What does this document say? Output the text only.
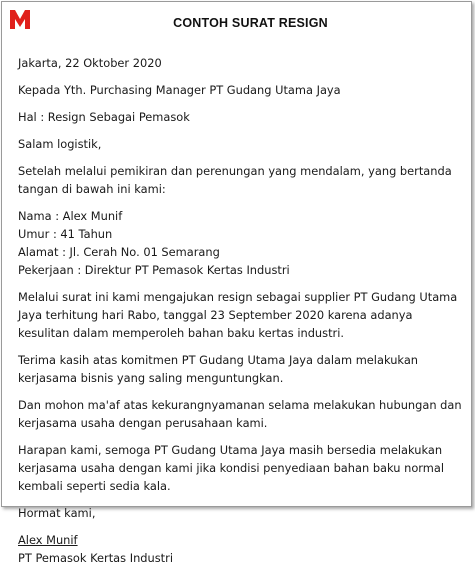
CONTOH SURAT RESIGN

Jakarta, 22 Oktober 2020

Kepada Yth. Purchasing Manager PT Gudang Utama Jaya

Hal : Resign Sebagai Pemasok

Salam logistik,

Setelah melalui pemikiran dan perenungan yang mendalam, yang bertanda tangan di bawah ini kami:

Nama : Alex Munif
Umur : 41 Tahun
Alamat : Jl. Cerah No. 01 Semarang
Pekerjaan : Direktur PT Pemasok Kertas Industri

Melalui surat ini kami mengajukan resign sebagai supplier PT Gudang Utama Jaya terhitung hari Rabo, tanggal 23 September 2020 karena adanya kesulitan dalam memperoleh bahan baku kertas industri.

Terima kasih atas komitmen PT Gudang Utama Jaya dalam melakukan kerjasama bisnis yang saling menguntungkan.

Dan mohon ma'af atas kekurangnyamanan selama melakukan hubungan dan kerjasama usaha dengan perusahaan kami.

Harapan kami, semoga PT Gudang Utama Jaya masih bersedia melakukan kerjasama usaha dengan kami jika kondisi penyediaan bahan baku normal kembali seperti sedia kala.

Hormat kami,

Alex Munif

PT Pemasok Kertas Industri
